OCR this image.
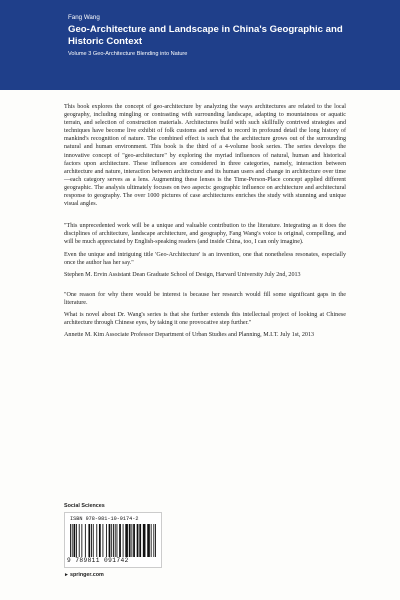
Fang Wang

Geo-Architecture and Landscape in China's Geographic and Historic Context

Volume 3 Geo-Architecture Blending into Nature

This book explores the concept of geo-architecture by analyzing the ways architectures are related to the local geography, including mingling or contrasting with surrounding landscape, adapting to mountainous or aquatic terrain, and selection of construction materials. Architectures build with such skillfully contrived strategies and techniques have become live exhibit of folk customs and served to record in profound detail the long history of mankind's recognition of nature. The combined effect is such that the architecture grows out of the surrounding natural and human environment. This book is the third of a 4-volume book series. The series develops the innovative concept of "geo-architecture" by exploring the myriad influences of natural, human and historical factors upon architecture. These influences are considered in three categories, namely, interaction between architecture and nature, interaction between architecture and its human users and change in architecture over time—each category serves as a lens. Augmenting these lenses is the Time-Person-Place concept applied different geographic. The analysis ultimately focuses on two aspects: geographic influence on architecture and architectural response to geography. The over 1000 pictures of case architectures enriches the study with stunning and unique visual angles.

"This unprecedented work will be a unique and valuable contribution to the literature. Integrating as it does the disciplines of architecture, landscape architecture, and geography, Fang Wang's voice is original, compelling, and will be much appreciated by English-speaking readers (and inside China, too, I can only imagine).

Even the unique and intriguing title 'Geo-Architecture' is an invention, one that nonetheless resonates, especially once the author has her say."

Stephen M. Ervin Assistant Dean Graduate School of Design, Harvard University July 2nd, 2013

"One reason for why there would be interest is because her research would fill some significant gaps in the literature.

What is novel about Dr. Wang's series is that she further extends this intellectual project of looking at Chinese architecture through Chinese eyes, by taking it one provocative step further."

Annette M. Kim Associate Professor Department of Urban Studies and Planning, M.I.T. July 1st, 2013

Social Sciences
ISBN 978-981-10-9174-2
9 789811 091742
►springer.com
